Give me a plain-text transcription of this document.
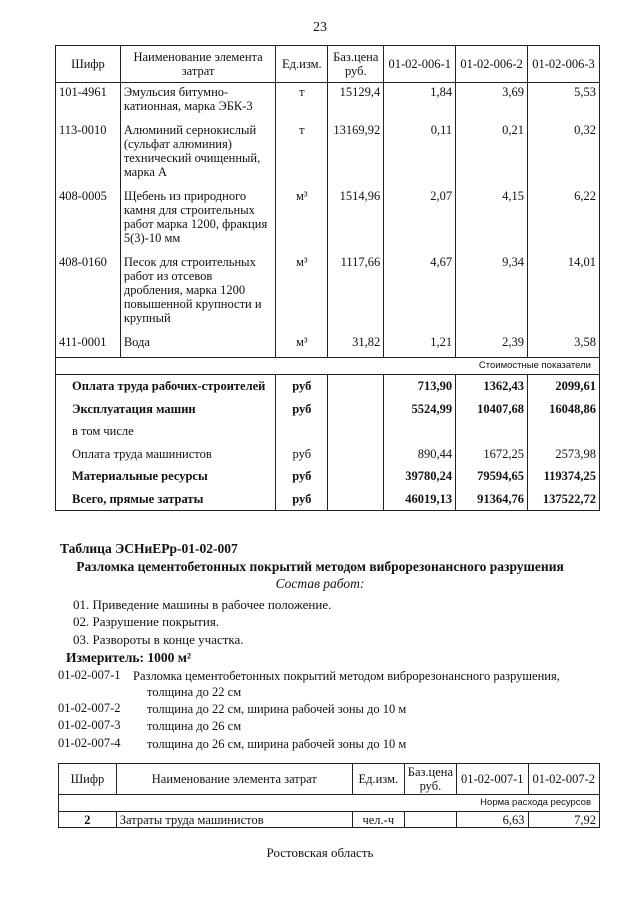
23
Шифр	Наименование элемента затрат	Ед.изм.	Баз.цена руб.	01-02-006-1	01-02-006-2	01-02-006-3
101-4961	Эмульсия битумно-катионная, марка ЭБК-3	т	15129,4	1,84	3,69	5,53
113-0010	Алюминий сернокислый (сульфат алюминия) технический очищенный, марка А	т	13169,92	0,11	0,21	0,32
408-0005	Щебень из природного камня для строительных работ марка 1200, фракция 5(3)-10 мм	м³	1514,96	2,07	4,15	6,22
408-0160	Песок для строительных работ из отсевов дробления, марка 1200 повышенной крупности и крупный	м³	1117,66	4,67	9,34	14,01
411-0001	Вода	м³	31,82	1,21	2,39	3,58
Стоимостные показатели						
Оплата труда рабочих-строителей		руб		713,90	1362,43	2099,61
Эксплуатация машин		руб		5524,99	10407,68	16048,86
в том числе						
Оплата труда машинистов		руб		890,44	1672,25	2573,98
Материальные ресурсы		руб		39780,24	79594,65	119374,25
Всего, прямые затраты		руб		46019,13	91364,76	137522,72
Таблица ЭСНиЕРр-01-02-007
Разломка цементобетонных покрытий методом виброрезонансного разрушения
Состав работ:
01. Приведение машины в рабочее положение.
02. Разрушение покрытия.
03. Развороты в конце участка.
Измеритель: 1000 м²
01-02-007-1 Разломка цементобетонных покрытий методом виброрезонансного разрушения,
толщина до 22 см
01-02-007-2	толщина до 22 см, ширина рабочей зоны до 10 м
01-02-007-3	толщина до 26 см
01-02-007-4	толщина до 26 см, ширина рабочей зоны до 10 м
Шифр	Наименование элемента затрат	Ед.изм.	Баз.цена руб.	01-02-007-1	01-02-007-2
Норма расхода ресурсов					
2	Затраты труда машинистов	чел.-ч		6,63	7,92
Ростовская область
